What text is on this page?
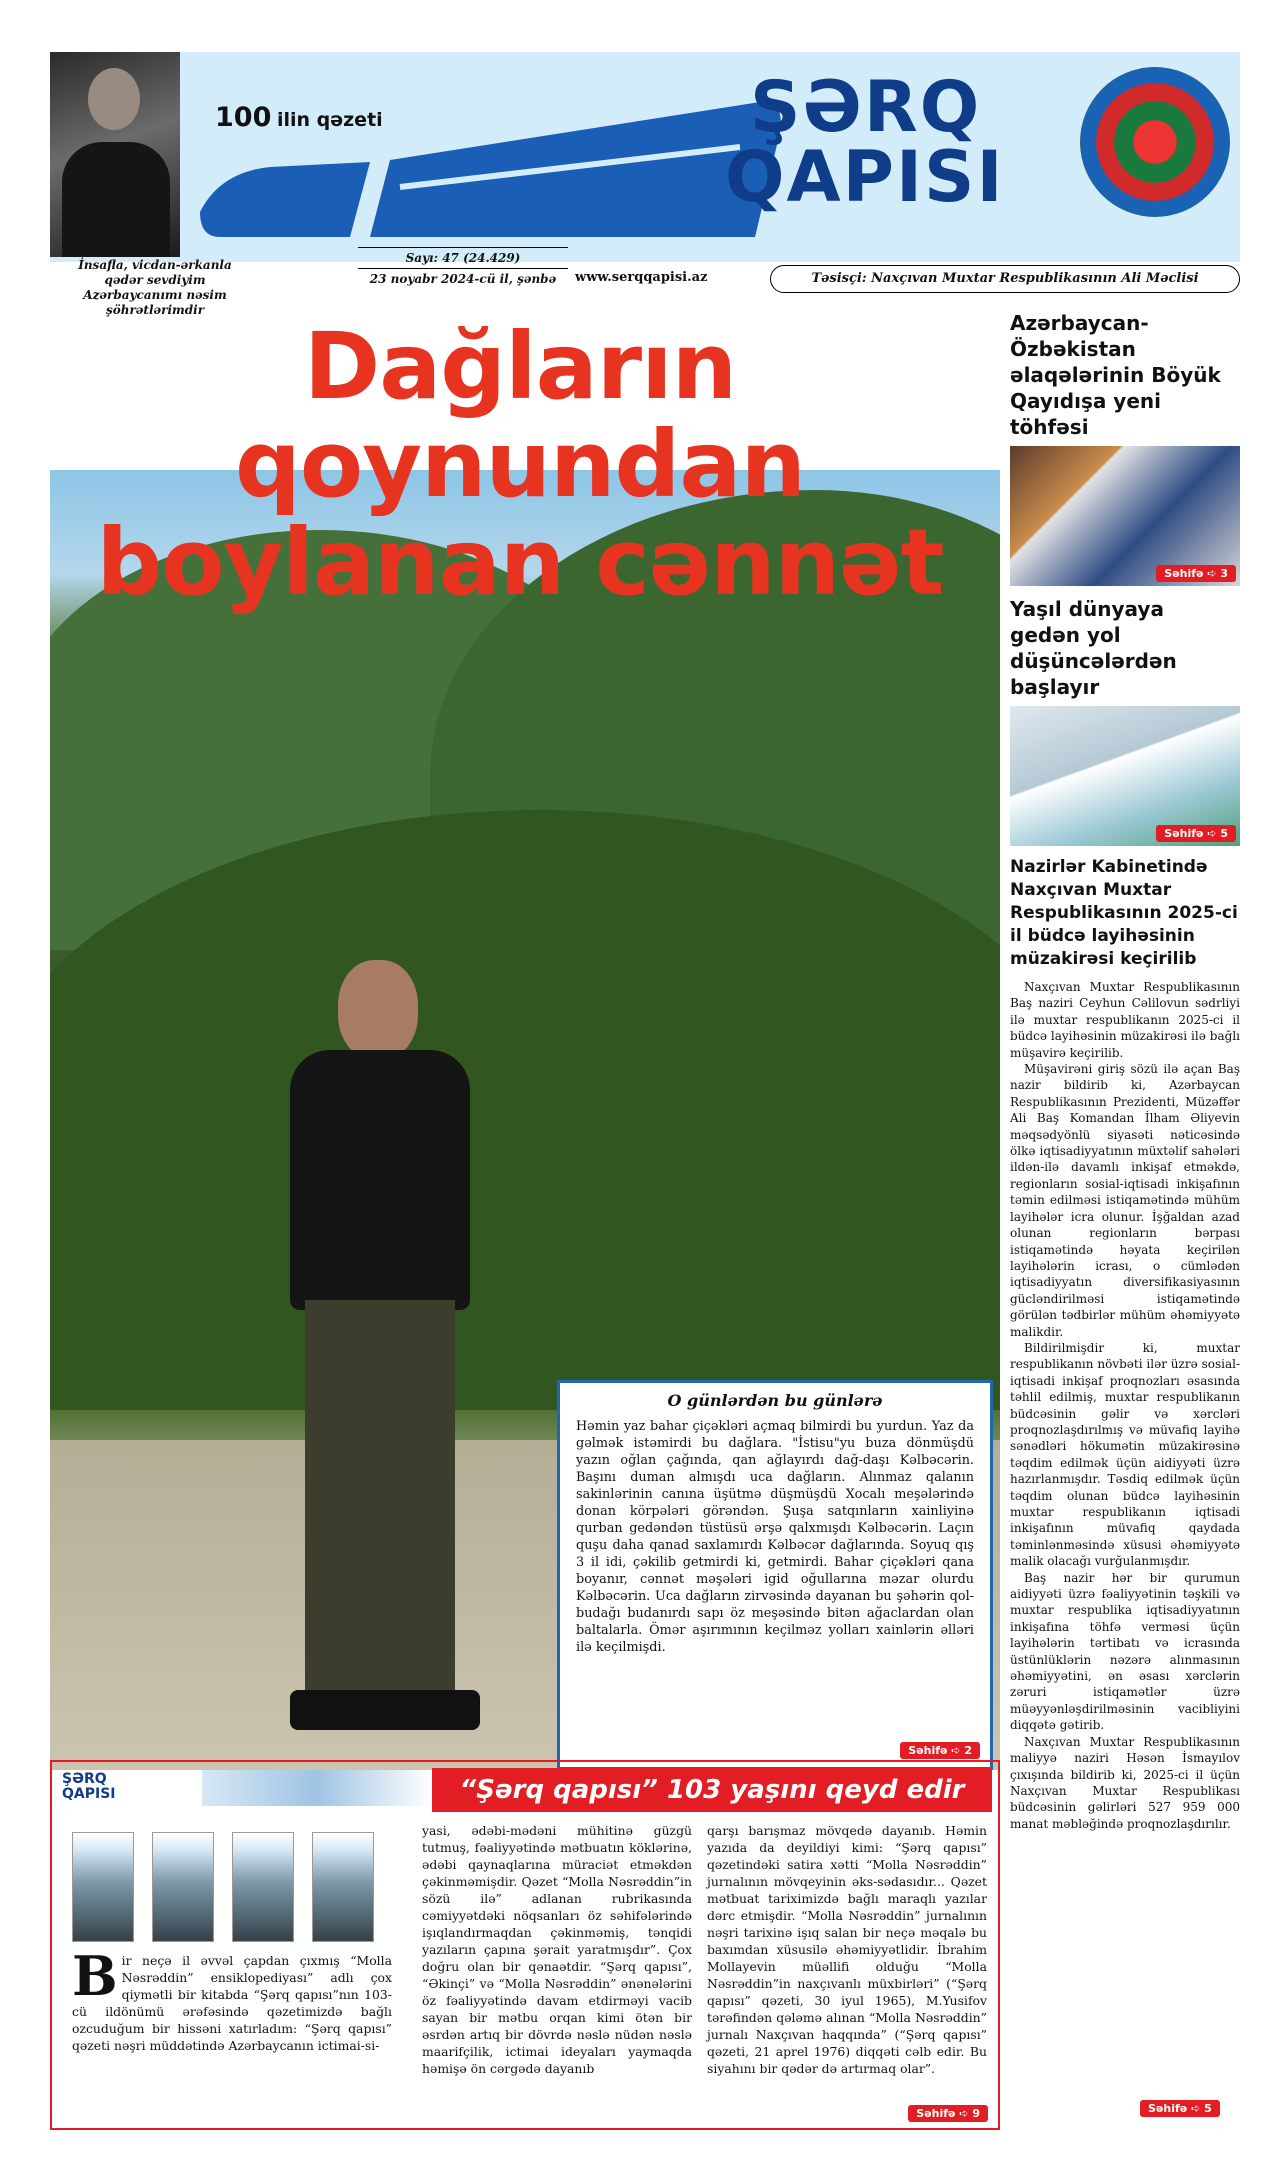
100 ilin qəzeti	ŞƏRQ
QAPISI
İnsafla, vicdan-ərkanla qədər sevdiyim Azərbaycanımı nəsim şöhrətlərimdir
Sayı: 47 (24.429)
23 noyabr 2024-cü il, şənbə	www.serqqapisi.az	Təsisçi: Naxçıvan Muxtar Respublikasının Ali Məclisi
Dağların qoynundan
boylanan cənnət
O günlərdən bu günlərə

Həmin yaz bahar çiçəkləri açmaq bilmirdi bu yurdun. Yaz da gəlmək istəmirdi bu dağlara. "İstisu"yu buza dönmüşdü yazın oğlan çağında, qan ağlayırdı dağ-daşı Kəlbəcərin. Başını duman almışdı uca dağların. Alınmaz qalanın sakinlərinin canına üşütmə düşmüşdü Xocalı meşələrində donan körpələri görəndən. Şuşa satqınların xainliyinə qurban gedəndən tüstüsü ərşə qalxmışdı Kəlbəcərin. Laçın quşu daha qanad saxlamırdı Kəlbəcər dağlarında. Soyuq qış 3 il idi, çəkilib getmirdi ki, getmirdi. Bahar çiçəkləri qana boyanır, cənnət məşələri igid oğullarına məzar olurdu Kəlbəcərin. Uca dağların zirvəsində dayanan bu şəhərin qol-budağı budanırdı sapı öz meşəsində bitən ağaclardan olan baltalarla. Ömər aşırımının keçilməz yolları xainlərin əlləri ilə keçilmişdi.

Səhifə ➪ 2
Azərbaycan-Özbəkistan əlaqələrinin Böyük Qayıdışa yeni töhfəsi
Səhifə ➪ 3
Yaşıl dünyaya gedən yol düşüncələrdən başlayır
Səhifə ➪ 5
Nazirlər Kabinetində Naxçıvan Muxtar Respublikasının 2025-ci il büdcə layihəsinin müzakirəsi keçirilib

Naxçıvan Muxtar Respublikasının Baş naziri Ceyhun Cəlilovun sədrliyi ilə muxtar respublikanın 2025-ci il büdcə layihəsinin müzakirəsi ilə bağlı müşavirə keçirilib.

Müşavirəni giriş sözü ilə açan Baş nazir bildirib ki, Azərbaycan Respublikasının Prezidenti, Müzəffər Ali Baş Komandan İlham Əliyevin məqsədyönlü siyasəti nəticəsində ölkə iqtisadiyyatının müxtəlif sahələri ildən-ilə davamlı inkişaf etməkdə, regionların sosial-iqtisadi inkişafının təmin edilməsi istiqamətində mühüm layihələr icra olunur. İşğaldan azad olunan regionların bərpası istiqamətində həyata keçirilən layihələrin icrası, o cümlədən iqtisadiyyatın diversifikasiyasının gücləndirilməsi istiqamətində görülən tədbirlər mühüm əhəmiyyətə malikdir.

Bildirilmişdir ki, muxtar respublikanın növbəti ilər üzrə sosial-iqtisadi inkişaf proqnozları əsasında təhlil edilmiş, muxtar respublikanın büdcəsinin gəlir və xərcləri proqnozlaşdırılmış və müvafiq layihə sənədləri hökumətin müzakirəsinə təqdim edilmək üçün aidiyyəti üzrə hazırlanmışdır. Təsdiq edilmək üçün təqdim olunan büdcə layihəsinin muxtar respublikanın iqtisadi inkişafının müvafiq qaydada təminlənməsində xüsusi əhəmiyyətə malik olacağı vurğulanmışdır.

Baş nazir hər bir qurumun aidiyyəti üzrə fəaliyyətinin təşkili və muxtar respublika iqtisadiyyatının inkişafına töhfə verməsi üçün layihələrin tərtibatı və icrasında üstünlüklərin nəzərə alınmasının əhəmiyyətini, ən əsası xərclərin zəruri istiqamətlər üzrə müəyyənləşdirilməsinin vacibliyini diqqətə gətirib.

Naxçıvan Muxtar Respublikasının maliyyə naziri Həsən İsmayılov çıxışında bildirib ki, 2025-ci il üçün Naxçıvan Muxtar Respublikası büdcəsinin gəlirləri 527 959 000 manat məbləğində proqnozlaşdırılır.

Səhifə ➪ 5
ŞƏRQ
QAPISI	“Şərq qapısı” 103 yaşını qeyd edir
B ir neçə il əvvəl çapdan çıxmış “Molla Nəsrəddin” ensiklopediyası” adlı çox qiymətli bir kitabda “Şərq qapısı”nın 103-cü ildönümü ərəfəsində qəzetimizdə bağlı ozcuduğum bir hissəni xatırladım: “Şərq qapısı” qəzeti nəşri müddətində Azərbaycanın ictimai-si-
yasi, ədəbi-mədəni mühitinə güzgü tutmuş, fəaliyyətində mətbuatın köklərinə, ədəbi qaynaqlarına müraciət etməkdən çəkinməmişdir. Qəzet “Molla Nəsrəddin”in sözü ilə” adlanan rubrikasında cəmiyyətdəki nöqsanları öz səhifələrində işıqlandırmaqdan çəkinməmiş, tənqidi yazıların çapına şərait yaratmışdır”. Çox doğru olan bir qənaətdir. “Şərq qapısı”, “Əkinçi” və “Molla Nəsrəddin” ənənələrini öz fəaliyyətində davam etdirməyi vacib sayan bir mətbu orqan kimi ötən bir əsrdən artıq bir dövrdə nəslə nüdən nəslə maarifçilik, ictimai ideyaları yaymaqda həmişə ön cərgədə dayanıb
qarşı barışmaz mövqedə dayanıb. Həmin yazıda da deyildiyi kimi: “Şərq qapısı” qəzetindəki satira xətti “Molla Nəsrəddin” jurnalının mövqeyinin əks-sədasıdır... Qəzet mətbuat tariximizdə bağlı maraqlı yazılar dərc etmişdir. “Molla Nəsrəddin” jurnalının nəşri tarixinə işıq salan bir neçə məqalə bu baxımdan xüsusilə əhəmiyyətlidir. İbrahim Mollayevin müəllifi olduğu “Molla Nəsrəddin”in naxçıvanlı müxbirləri” (“Şərq qapısı” qəzeti, 30 iyul 1965), M.Yusifov tərəfindən qələmə alınan “Molla Nəsrəddin” jurnalı Naxçıvan haqqında” (“Şərq qapısı” qəzeti, 21 aprel 1976) diqqəti cəlb edir. Bu siyahını bir qədər də artırmaq olar”.
Səhifə ➪ 9
